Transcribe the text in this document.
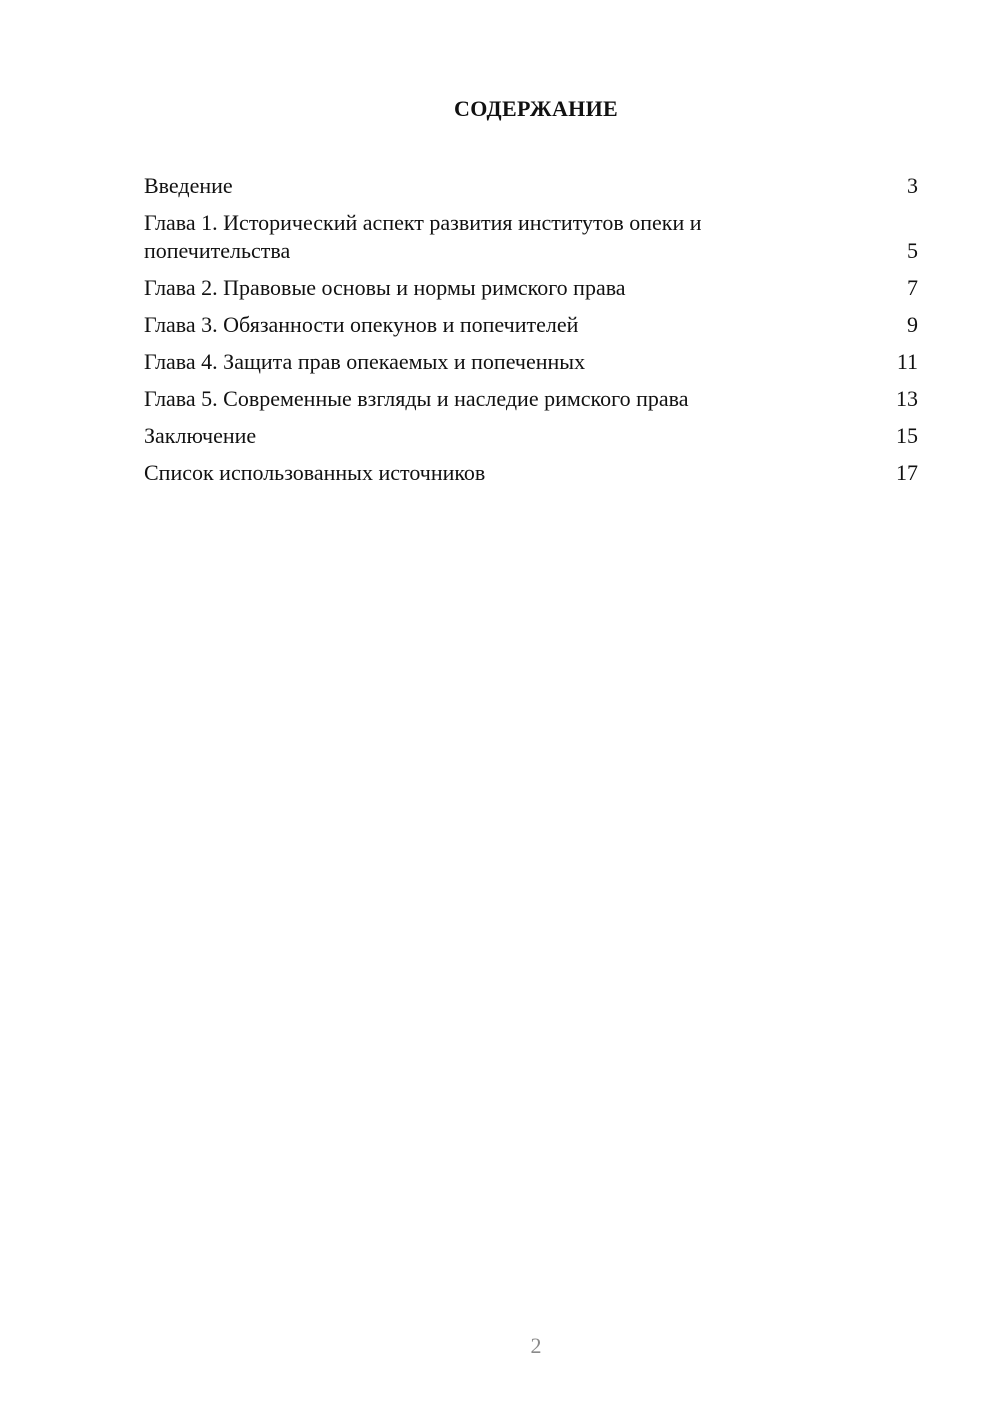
СОДЕРЖАНИЕ
Введение	3
Глава 1. Исторический аспект развития институтов опеки и попечительства	5
Глава 2. Правовые основы и нормы римского права	7
Глава 3. Обязанности опекунов и попечителей	9
Глава 4. Защита прав опекаемых и попеченных	11
Глава 5. Современные взгляды и наследие римского права	13
Заключение	15
Список использованных источников	17
2
